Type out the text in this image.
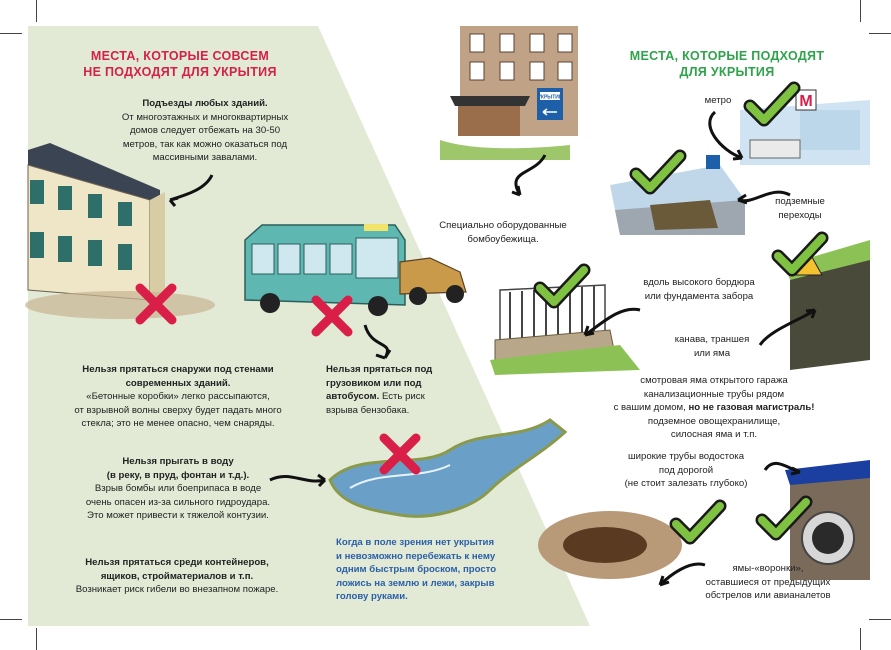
МЕСТА, КОТОРЫЕ СОВСЕМ
НЕ ПОДХОДЯТ ДЛЯ УКРЫТИЯ
Подъезды любых зданий.
От многоэтажных и многоквартирных
домов следует отбежать на 30-50
метров, так как можно оказаться под
массивными завалами.
Нельзя прятаться снаружи под стенами
современных зданий.
«Бетонные коробки» легко рассыпаются,
от взрывной волны сверху будет падать много
стекла; это не менее опасно, чем снаряды.
Нельзя прятаться под
грузовиком или под
автобусом. Есть риск
взрыва бензобака.
Нельзя прыгать в воду
(в реку, в пруд, фонтан и т.д.).
Взрыв бомбы или боеприпаса в воде
очень опасен из-за сильного гидроудара.
Это может привести к тяжелой контузии.
Нельзя прятаться среди контейнеров,
ящиков, стройматериалов и т.п.
Возникает риск гибели во внезапном пожаре.
Когда в поле зрения нет укрытия
и невозможно перебежать к нему
одним быстрым броском, просто
ложись на землю и лежи, закрыв
голову руками.
УКРЫТИЕ
Специально оборудованные
бомбоубежища.
МЕСТА, КОТОРЫЕ ПОДХОДЯТ
ДЛЯ УКРЫТИЯ
М
метро
подземные
переходы
вдоль высокого бордюра
или фундамента забора
канава, траншея
или яма
смотровая яма открытого гаража
канализационные трубы рядом
с вашим домом, но не газовая магистраль!
подземное овощехранилище,
силосная яма и т.п.
широкие трубы водостока
под дорогой
(не стоит залезать глубоко)
ямы-«воронки»,
оставшиеся от предыдущих
обстрелов или авианалетов
